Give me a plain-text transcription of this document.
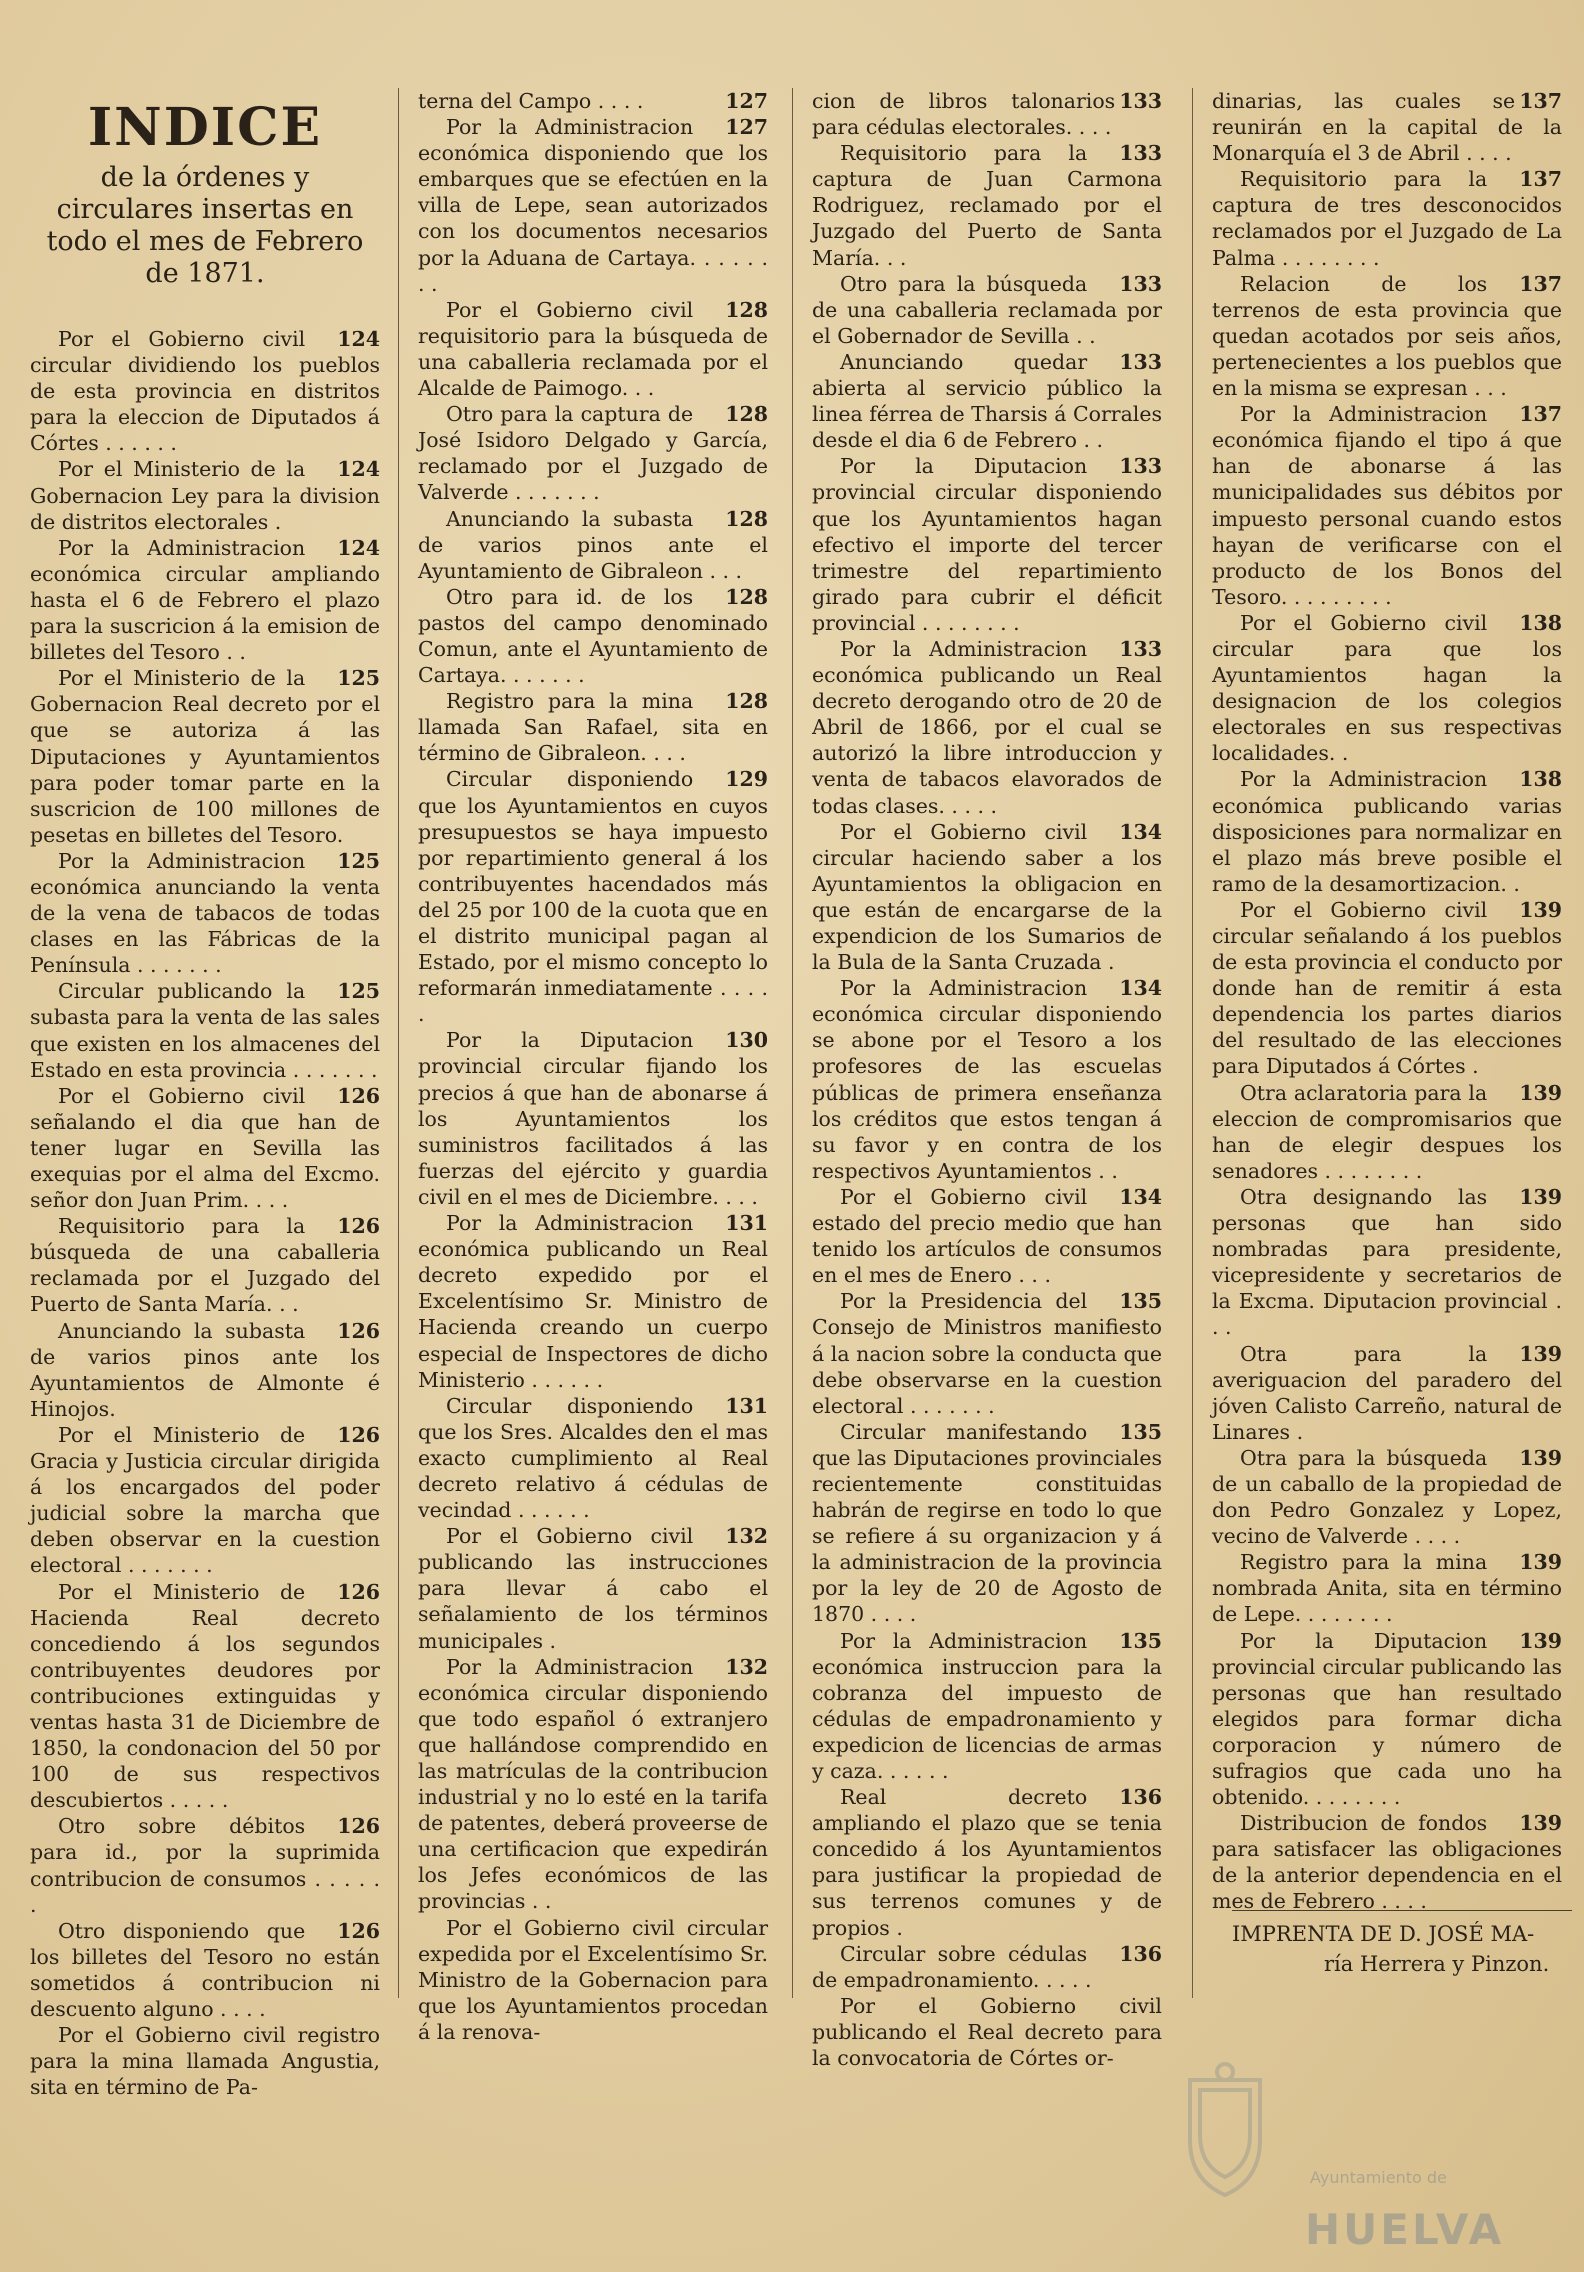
INDICE
de la órdenes y circulares insertas en todo el mes de Febrero de 1871.

124
Por el Gobierno civil circular dividiendo los pueblos de esta provincia en distritos para la eleccion de Diputados á Córtes . . . . . .

124
Por el Ministerio de la Gobernacion Ley para la division de distritos electorales .

124
Por la Administracion económica circular ampliando hasta el 6 de Febrero el plazo para la suscricion á la emision de billetes del Tesoro . .

125
Por el Ministerio de la Gobernacion Real decreto por el que se autoriza á las Diputaciones y Ayuntamientos para poder tomar parte en la suscricion de 100 millones de pesetas en billetes del Tesoro.

125
Por la Administracion económica anunciando la venta de la vena de tabacos de todas clases en las Fábricas de la Península . . . . . . .

125
Circular publicando la subasta para la venta de las sales que existen en los almacenes del Estado en esta provincia . . . . . . .

126
Por el Gobierno civil señalando el dia que han de tener lugar en Sevilla las exequias por el alma del Excmo. señor don Juan Prim. . . .

126
Requisitorio para la búsqueda de una caballeria reclamada por el Juzgado del Puerto de Santa María. . .

126
Anunciando la subasta de varios pinos ante los Ayuntamientos de Almonte é Hinojos.

126
Por el Ministerio de Gracia y Justicia circular dirigida á los encargados del poder judicial sobre la marcha que deben observar en la cuestion electoral . . . . . . .

126
Por el Ministerio de Hacienda Real decreto concediendo á los segundos contribuyentes deudores por contribuciones extinguidas y ventas hasta 31 de Diciembre de 1850, la condonacion del 50 por 100 de sus respectivos descubiertos . . . . .

126
Otro sobre débitos para id., por la suprimida contribucion de consumos . . . . . .

126
Otro disponiendo que los billetes del Tesoro no están sometidos á contribucion ni descuento alguno . . . .

Por el Gobierno civil registro para la mina llamada Angustia, sita en término de Pa-

127
terna del Campo . . . .

127
Por la Administracion económica disponiendo que los embarques que se efectúen en la villa de Lepe, sean autorizados con los documentos necesarios por la Aduana de Cartaya. . . . . . . .

128
Por el Gobierno civil requisitorio para la búsqueda de una caballeria reclamada por el Alcalde de Paimogo. . .

128
Otro para la captura de José Isidoro Delgado y García, reclamado por el Juzgado de Valverde . . . . . . .

128
Anunciando la subasta de varios pinos ante el Ayuntamiento de Gibraleon . . .

128
Otro para id. de los pastos del campo denominado Comun, ante el Ayuntamiento de Cartaya. . . . . . .

128
Registro para la mina llamada San Rafael, sita en término de Gibraleon. . . .

129
Circular disponiendo que los Ayuntamientos en cuyos presupuestos se haya impuesto por repartimiento general á los contribuyentes hacendados más del 25 por 100 de la cuota que en el distrito municipal pagan al Estado, por el mismo concepto lo reformarán inmediatamente . . . . .

130
Por la Diputacion provincial circular fijando los precios á que han de abonarse á los Ayuntamientos los suministros facilitados á las fuerzas del ejército y guardia civil en el mes de Diciembre. . . .

131
Por la Administracion económica publicando un Real decreto expedido por el Excelentísimo Sr. Ministro de Hacienda creando un cuerpo especial de Inspectores de dicho Ministerio . . . . . .

131
Circular disponiendo que los Sres. Alcaldes den el mas exacto cumplimiento al Real decreto relativo á cédulas de vecindad . . . . . .

132
Por el Gobierno civil publicando las instrucciones para llevar á cabo el señalamiento de los términos municipales .

132
Por la Administracion económica circular disponiendo que todo español ó extranjero que hallándose comprendido en las matrículas de la contribucion industrial y no lo esté en la tarifa de patentes, deberá proveerse de una certificacion que expedirán los Jefes económicos de las provincias . .

Por el Gobierno civil circular expedida por el Excelentísimo Sr. Ministro de la Gobernacion para que los Ayuntamientos procedan á la renova-

133
cion de libros talonarios para cédulas electorales. . . .

133
Requisitorio para la captura de Juan Carmona Rodriguez, reclamado por el Juzgado del Puerto de Santa María. . .

133
Otro para la búsqueda de una caballeria reclamada por el Gobernador de Sevilla . .

133
Anunciando quedar abierta al servicio público la linea férrea de Tharsis á Corrales desde el dia 6 de Febrero . .

133
Por la Diputacion provincial circular disponiendo que los Ayuntamientos hagan efectivo el importe del tercer trimestre del repartimiento girado para cubrir el déficit provincial . . . . . . . .

133
Por la Administracion económica publicando un Real decreto derogando otro de 20 de Abril de 1866, por el cual se autorizó la libre introduccion y venta de tabacos elavorados de todas clases. . . . .

134
Por el Gobierno civil circular haciendo saber a los Ayuntamientos la obligacion en que están de encargarse de la expendicion de los Sumarios de la Bula de la Santa Cruzada .

134
Por la Administracion económica circular disponiendo se abone por el Tesoro a los profesores de las escuelas públicas de primera enseñanza los créditos que estos tengan á su favor y en contra de los respectivos Ayuntamientos . .

134
Por el Gobierno civil estado del precio medio que han tenido los artículos de consumos en el mes de Enero . . .

135
Por la Presidencia del Consejo de Ministros manifiesto á la nacion sobre la conducta que debe observarse en la cuestion electoral . . . . . . .

135
Circular manifestando que las Diputaciones provinciales recientemente constituidas habrán de regirse en todo lo que se refiere á su organizacion y á la administracion de la provincia por la ley de 20 de Agosto de 1870 . . . .

135
Por la Administracion económica instruccion para la cobranza del impuesto de cédulas de empadronamiento y expedicion de licencias de armas y caza. . . . . .

136
Real decreto ampliando el plazo que se tenia concedido á los Ayuntamientos para justificar la propiedad de sus terrenos comunes y de propios .

136
Circular sobre cédulas de empadronamiento. . . . .

Por el Gobierno civil publicando el Real decreto para la convocatoria de Córtes or-

137
dinarias, las cuales se reunirán en la capital de la Monarquía el 3 de Abril . . . .

137
Requisitorio para la captura de tres desconocidos reclamados por el Juzgado de La Palma . . . . . . . .

137
Relacion de los terrenos de esta provincia que quedan acotados por seis años, pertenecientes a los pueblos que en la misma se expresan . . .

137
Por la Administracion económica fijando el tipo á que han de abonarse á las municipalidades sus débitos por impuesto personal cuando estos hayan de verificarse con el producto de los Bonos del Tesoro. . . . . . . . .

138
Por el Gobierno civil circular para que los Ayuntamientos hagan la designacion de los colegios electorales en sus respectivas localidades. .

138
Por la Administracion económica publicando varias disposiciones para normalizar en el plazo más breve posible el ramo de la desamortizacion. .

139
Por el Gobierno civil circular señalando á los pueblos de esta provincia el conducto por donde han de remitir á esta dependencia los partes diarios del resultado de las elecciones para Diputados á Córtes .

139
Otra aclaratoria para la eleccion de compromisarios que han de elegir despues los senadores . . . . . . . .

139
Otra designando las personas que han sido nombradas para presidente, vicepresidente y secretarios de la Excma. Diputacion provincial . . .

139
Otra para la averiguacion del paradero del jóven Calisto Carreño, natural de Linares .

139
Otra para la búsqueda de un caballo de la propiedad de don Pedro Gonzalez y Lopez, vecino de Valverde . . . .

139
Registro para la mina nombrada Anita, sita en término de Lepe. . . . . . . .

139
Por la Diputacion provincial circular publicando las personas que han resultado elegidos para formar dicha corporacion y número de sufragios que cada uno ha obtenido. . . . . . . .

139
Distribucion de fondos para satisfacer las obligaciones de la anterior dependencia en el mes de Febrero . . . .

IMPRENTA DE D. JOSÉ MA-
ría Herrera y Pinzon.
Ayuntamiento de
HUELVA
